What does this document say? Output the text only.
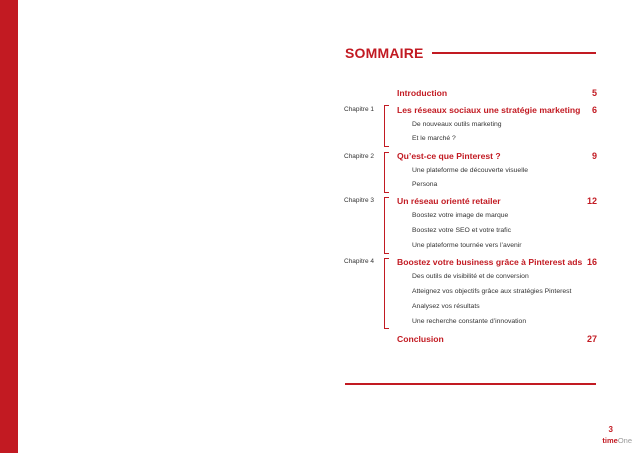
SOMMAIRE
Introduction	5
Chapitre 1	Les réseaux sociaux une stratégie marketing 6
De nouveaux outils marketing
Et le marché ?
Chapitre 2	Qu’est-ce que Pinterest ?	9
Une plateforme de découverte visuelle
Persona
Chapitre 3	Un réseau orienté retailer	12
Boostez votre image de marque
Boostez votre SEO et votre trafic
Une plateforme tournée vers l’avenir
Chapitre 4	Boostez votre business grâce à Pinterest ads 16
Des outils de visibilité et de conversion
Atteignez vos objectifs grâce aux stratégies Pinterest
Analysez vos résultats
Une recherche constante d’innovation
Conclusion	27
3
timeOne
